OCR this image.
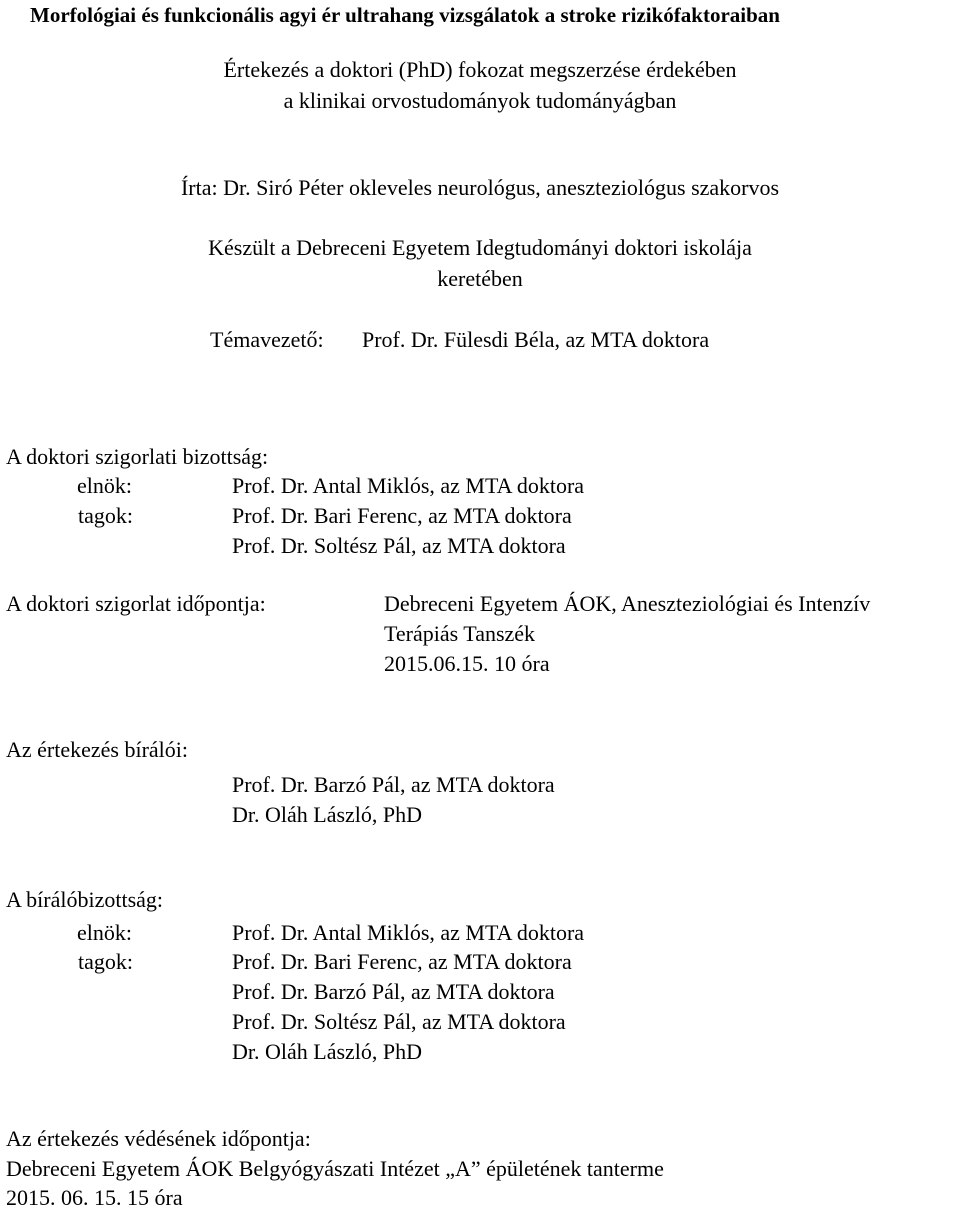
Morfológiai és funkcionális agyi ér ultrahang vizsgálatok a stroke rizikófaktoraiban
Értekezés a doktori (PhD) fokozat megszerzése érdekében
a klinikai orvostudományok tudományágban
Írta: Dr. Siró Péter okleveles neurológus, aneszteziológus szakorvos
Készült a Debreceni Egyetem Idegtudományi doktori iskolája
keretében
Témavezető: Prof. Dr. Fülesdi Béla, az MTA doktora
A doktori szigorlati bizottság:
elnök:	Prof. Dr. Antal Miklós, az MTA doktora
tagok:	Prof. Dr. Bari Ferenc, az MTA doktora
Prof. Dr. Soltész Pál, az MTA doktora
A doktori szigorlat időpontja:	Debreceni Egyetem ÁOK, Aneszteziológiai és Intenzív
Terápiás Tanszék
2015.06.15. 10 óra
Az értekezés bírálói:
Prof. Dr. Barzó Pál, az MTA doktora
Dr. Oláh László, PhD
A bírálóbizottság:
elnök:	Prof. Dr. Antal Miklós, az MTA doktora
tagok:	Prof. Dr. Bari Ferenc, az MTA doktora
Prof. Dr. Barzó Pál, az MTA doktora
Prof. Dr. Soltész Pál, az MTA doktora
Dr. Oláh László, PhD
Az értekezés védésének időpontja:
Debreceni Egyetem ÁOK Belgyógyászati Intézet „A” épületének tanterme
2015. 06. 15. 15 óra
